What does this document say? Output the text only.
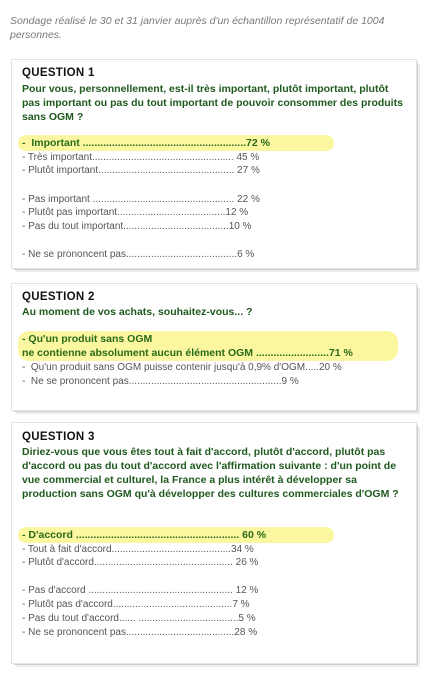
Sondage réalisé le 30 et 31 janvier auprès d'un échantillon représentatif de 1004 personnes.
QUESTION 1
Pour vous, personnellement, est-il très important, plutôt important, plutôt pas important ou pas du tout important de pouvoir consommer des produits sans OGM ?
-  Important ........................................................72 %
- Très important................................................... 45 %
- Plutôt important................................................. 27 %
- Pas important ................................................... 22 %
- Plutôt pas important.......................................12 %
- Pas du tout important......................................10 %
- Ne se prononcent pas........................................6 %
QUESTION 2
Au moment de vos achats, souhaitez-vous... ?
- Qu'un produit sans OGM
ne contienne absolument aucun élément OGM .........................71 %
-  Qu'un produit sans OGM puisse contenir jusqu'à 0,9% d'OGM.....20 %
-  Ne se prononcent pas.......................................................9 %
QUESTION 3
Diriez-vous que vous êtes tout à fait d'accord, plutôt d'accord, plutôt pas d'accord ou pas du tout d'accord avec l'affirmation suivante : d'un point de vue commercial et culturel, la France a plus intérêt à développer sa production sans OGM qu'à développer des cultures commerciales d'OGM ?
- D'accord ........................................................ 60 %
- Tout à fait d'accord...........................................34 %
- Plutôt d'accord.................................................. 26 %
- Pas d'accord .................................................... 12 %
- Plutôt pas d'accord...........................................7 %
- Pas du tout d'accord...... ....................................5 %
- Ne se prononcent pas.......................................28 %
